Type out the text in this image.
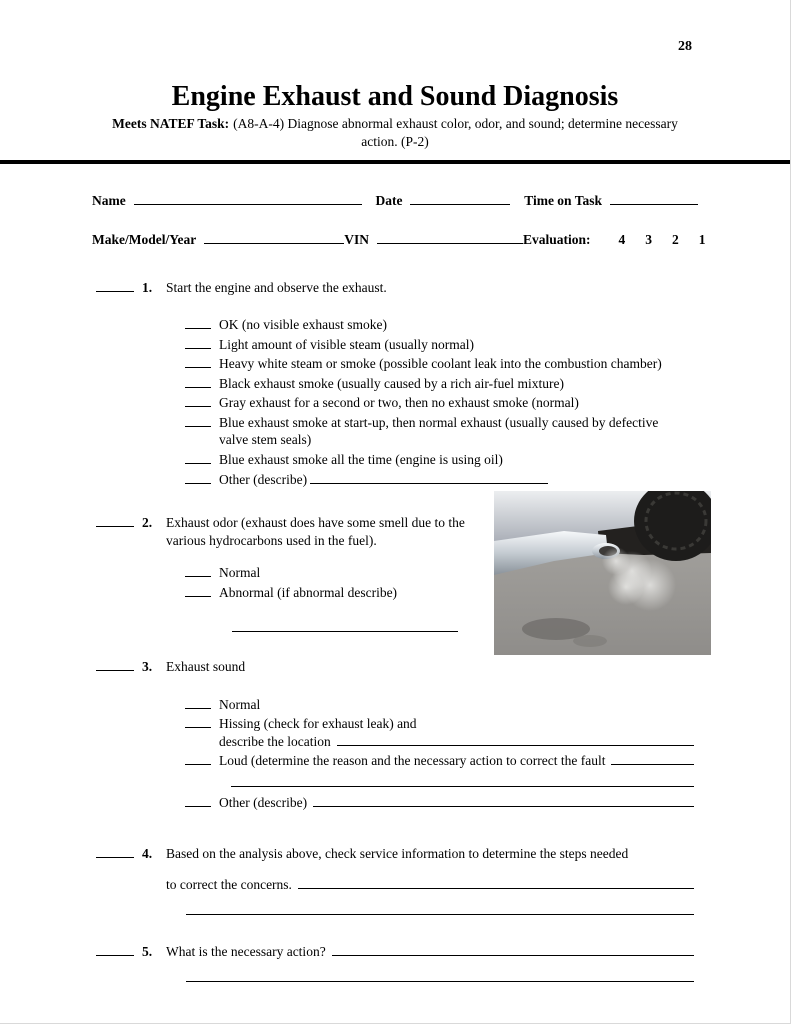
28
Engine Exhaust and Sound Diagnosis

Meets NATEF Task: (A8-A-4) Diagnose abnormal exhaust color, odor, and sound; determine necessary action. (P-2)

Name	Date	Time on Task
Make/Model/Year	VIN	Evaluation: 4 3 2 1
1.	Start the engine and observe the exhaust.
OK (no visible exhaust smoke)
Light amount of visible steam (usually normal)
Heavy white steam or smoke (possible coolant leak into the combustion chamber)
Black exhaust smoke (usually caused by a rich air-fuel mixture)
Gray exhaust for a second or two, then no exhaust smoke (normal)
Blue exhaust smoke at start-up, then normal exhaust (usually caused by defective valve stem seals)
Blue exhaust smoke all the time (engine is using oil)
Other (describe)
2.	Exhaust odor (exhaust does have some smell due to the various hydrocarbons used in the fuel).
Normal
Abnormal (if abnormal describe)
3.	Exhaust sound
Normal
Hissing (check for exhaust leak) and
describe the location
Loud (determine the reason and the necessary action to correct the fault
Other (describe)
4.	Based on the analysis above, check service information to determine the steps needed
to correct the concerns.
5.	What is the necessary action?
